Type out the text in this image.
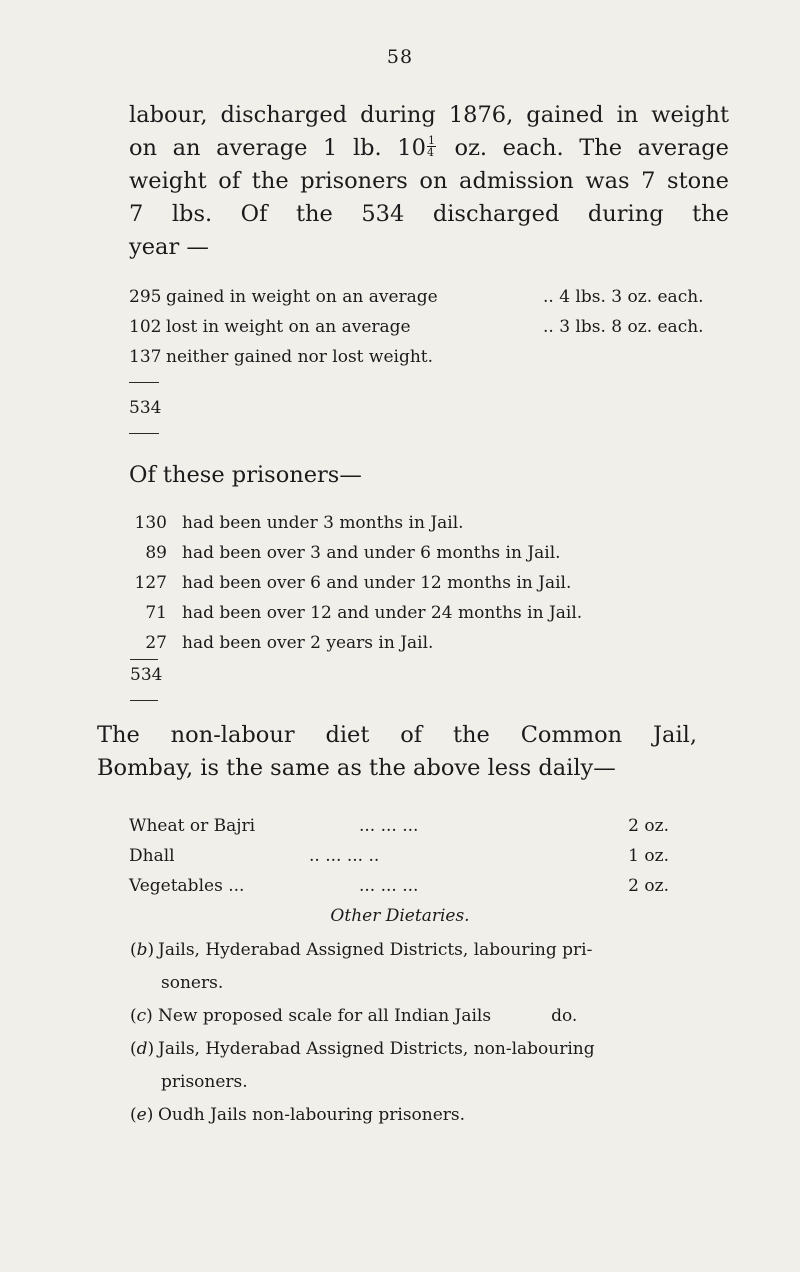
58
labour, discharged during 1876, gained in weight
on an average 1 lb. $10 \frac{1}{4}$ oz. each. The average
weight of the prisoners on admission was 7 stone
7 lbs. Of the 534 discharged during the
year —
295 gained in weight on an average	.. 4 lbs. 3 oz. each.
102 lost in weight on an average	.. 3 lbs. 8 oz. each.
137 neither gained nor lost weight.
534
Of these prisoners—
130 had been under 3 months in Jail.
89 had been over 3 and under 6 months in Jail.
127 had been over 6 and under 12 months in Jail.
71 had been over 12 and under 24 months in Jail.
27 had been over 2 years in Jail.
534
The non-labour diet of the Common Jail,
Bombay, is the same as the above less daily—
Wheat or Bajri	... ... ...	2 oz.
Dhall	.. ... ... ..	1 oz.
Vegetables ...	... ... ...	2 oz.
Other Dietaries.
(b) Jails, Hyderabad Assigned Districts, labouring pri-
soners.
(c) New proposed scale for all Indian Jails	do.
(d) Jails, Hyderabad Assigned Districts, non-labouring
prisoners.
(e) Oudh Jails non-labouring prisoners.
